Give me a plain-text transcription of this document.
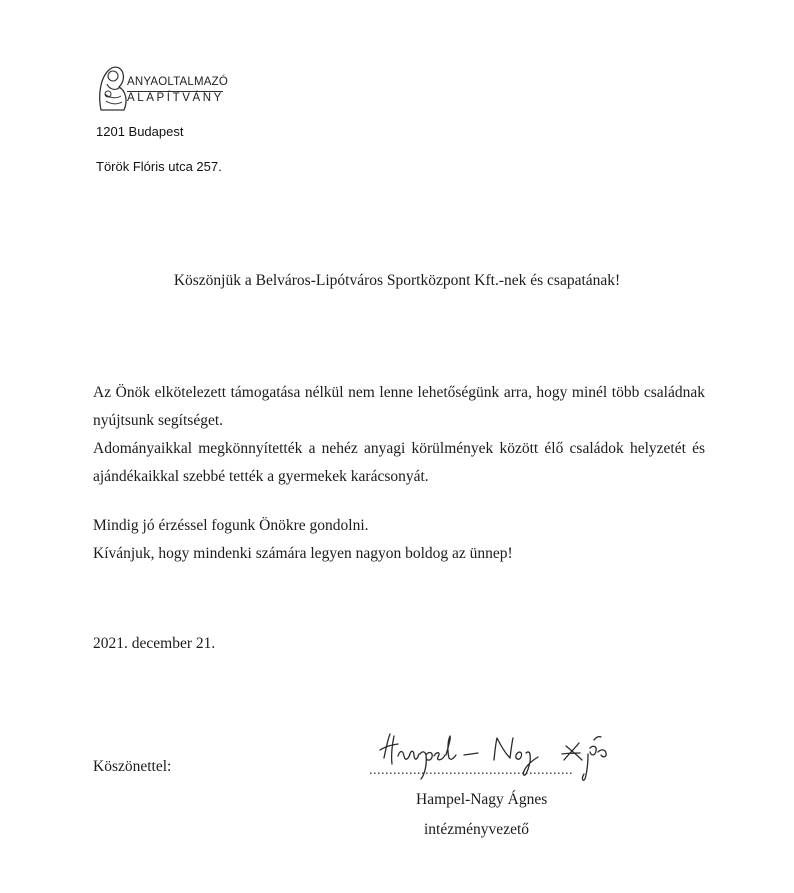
ANYAOLTALMAZÓ
ALAPÍTVÁNY
1201 Budapest
Török Flóris utca 257.
Köszönjük a Belváros-Lipótváros Sportközpont Kft.-nek és csapatának!
Az Önök elkötelezett támogatása nélkül nem lenne lehetőségünk arra, hogy minél több családnak nyújtsunk segítséget.
Adományaikkal megkönnyítették a nehéz anyagi körülmények között élő családok helyzetét és ajándékaikkal szebbé tették a gyermekek karácsonyát.
Mindig jó érzéssel fogunk Önökre gondolni.
Kívánjuk, hogy mindenki számára legyen nagyon boldog az ünnep!
2021. december 21.
Köszönettel:	...................................................
Hampel-Nagy Ágnes
intézményvezető
